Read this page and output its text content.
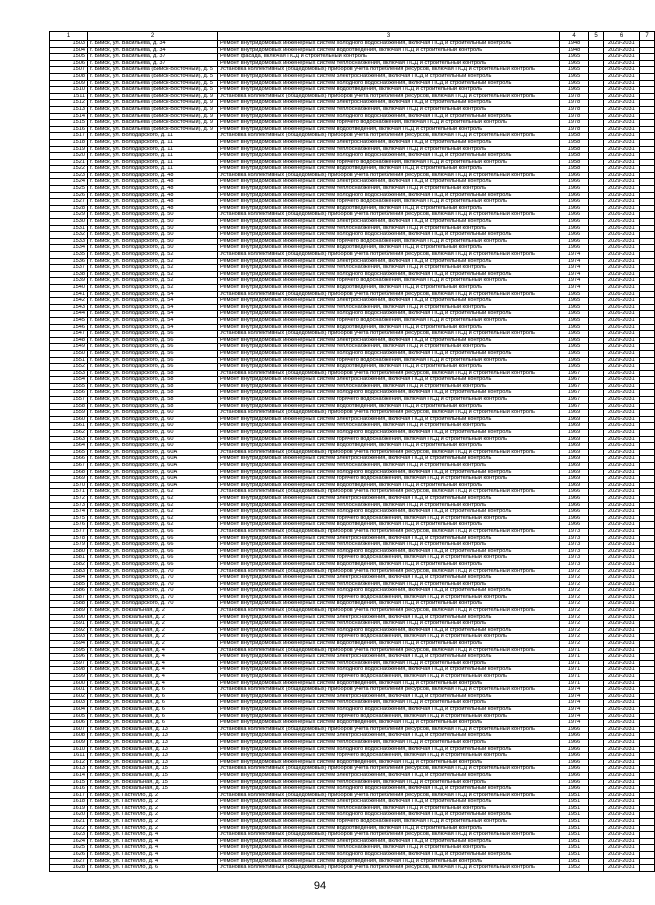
1	2	3	4	5	6	7
1503	г. Бийск, ул. Васильева, д. 34	Ремонт внутридомовых инженерных систем холодного водоснабжения, включая ПСД и строительный контроль	1948		2029-2031	
1504	г. Бийск, ул. Васильева, д. 34	Ремонт внутридомовых инженерных систем водоотведения, включая ПСД и строительный контроль	1948		2029-2031	
1505	г. Бийск, ул. Васильева, д. 37	Ремонт фасада, включая ПСД и строительный контроль	1965		2029-2031	
1506	г. Бийск, ул. Васильева, д. 37	Ремонт внутридомовых инженерных систем теплоснабжения, включая ПСД и строительный контроль	1965		2029-2031	
1507	г. Бийск, ул. Васильева (Бийск-Восточный), д. 5	Установка коллективных (общедомовых) приборов учета потребления ресурсов, включая ПСД и строительный контроль	1965		2026-2031	
1508	г. Бийск, ул. Васильева (Бийск-Восточный), д. 5	Ремонт внутридомовых инженерных систем электроснабжения, включая ПСД и строительный контроль	1965		2029-2031	
1509	г. Бийск, ул. Васильева (Бийск-Восточный), д. 5	Ремонт внутридомовых инженерных систем холодного водоснабжения, включая ПСД и строительный контроль	1965		2029-2031	
1510	г. Бийск, ул. Васильева (Бийск-Восточный), д. 5	Ремонт внутридомовых инженерных систем водоотведения, включая ПСД и строительный контроль	1965		2029-2031	
1511	г. Бийск, ул. Васильева (Бийск-Восточный), д. 9	Установка коллективных (общедомовых) приборов учета потребления ресурсов, включая ПСД и строительный контроль	1978		2029-2031	
1512	г. Бийск, ул. Васильева (Бийск-Восточный), д. 9	Ремонт внутридомовых инженерных систем электроснабжения, включая ПСД и строительный контроль	1978		2029-2031	
1513	г. Бийск, ул. Васильева (Бийск-Восточный), д. 9	Ремонт внутридомовых инженерных систем теплоснабжения, включая ПСД и строительный контроль	1978		2029-2031	
1514	г. Бийск, ул. Васильева (Бийск-Восточный), д. 9	Ремонт внутридомовых инженерных систем холодного водоснабжения, включая ПСД и строительный контроль	1978		2029-2031	
1515	г. Бийск, ул. Васильева (Бийск-Восточный), д. 9	Ремонт внутридомовых инженерных систем горячего водоснабжения, включая ПСД и строительный контроль	1978		2029-2031	
1516	г. Бийск, ул. Васильева (Бийск-Восточный), д. 9	Ремонт внутридомовых инженерных систем водоотведения, включая ПСД и строительный контроль	1978		2029-2031	
1517	г. Бийск, ул. Володарского, д. 11	Установка коллективных (общедомовых) приборов учета потребления ресурсов, включая ПСД и строительный контроль	1958		2029-2031	
1518	г. Бийск, ул. Володарского, д. 11	Ремонт внутридомовых инженерных систем электроснабжения, включая ПСД и строительный контроль	1958		2029-2031	
1519	г. Бийск, ул. Володарского, д. 11	Ремонт внутридомовых инженерных систем теплоснабжения, включая ПСД и строительный контроль	1958		2029-2031	
1520	г. Бийск, ул. Володарского, д. 11	Ремонт внутридомовых инженерных систем холодного водоснабжения, включая ПСД и строительный контроль	1958		2029-2031	
1521	г. Бийск, ул. Володарского, д. 11	Ремонт внутридомовых инженерных систем горячего водоснабжения, включая ПСД и строительный контроль	1958		2029-2031	
1522	г. Бийск, ул. Володарского, д. 11	Ремонт внутридомовых инженерных систем водоотведения, включая ПСД и строительный контроль	1958		2029-2031	
1523	г. Бийск, ул. Володарского, д. 48	Установка коллективных (общедомовых) приборов учета потребления ресурсов, включая ПСД и строительный контроль	1966		2029-2031	
1524	г. Бийск, ул. Володарского, д. 48	Ремонт внутридомовых инженерных систем электроснабжения, включая ПСД и строительный контроль	1966		2029-2031	
1525	г. Бийск, ул. Володарского, д. 48	Ремонт внутридомовых инженерных систем теплоснабжения, включая ПСД и строительный контроль	1966		2029-2031	
1526	г. Бийск, ул. Володарского, д. 48	Ремонт внутридомовых инженерных систем холодного водоснабжения, включая ПСД и строительный контроль	1966		2029-2031	
1527	г. Бийск, ул. Володарского, д. 48	Ремонт внутридомовых инженерных систем горячего водоснабжения, включая ПСД и строительный контроль	1966		2029-2031	
1528	г. Бийск, ул. Володарского, д. 48	Ремонт внутридомовых инженерных систем водоотведения, включая ПСД и строительный контроль	1966		2029-2031	
1529	г. Бийск, ул. Володарского, д. 50	Установка коллективных (общедомовых) приборов учета потребления ресурсов, включая ПСД и строительный контроль	1966		2026-2031	
1530	г. Бийск, ул. Володарского, д. 50	Ремонт внутридомовых инженерных систем электроснабжения, включая ПСД и строительный контроль	1966		2026-2031	
1531	г. Бийск, ул. Володарского, д. 50	Ремонт внутридомовых инженерных систем теплоснабжения, включая ПСД и строительный контроль	1966		2026-2031	
1532	г. Бийск, ул. Володарского, д. 50	Ремонт внутридомовых инженерных систем холодного водоснабжения, включая ПСД и строительный контроль	1966		2026-2031	
1533	г. Бийск, ул. Володарского, д. 50	Ремонт внутридомовых инженерных систем горячего водоснабжения, включая ПСД и строительный контроль	1966		2026-2031	
1534	г. Бийск, ул. Володарского, д. 50	Ремонт внутридомовых инженерных систем водоотведения, включая ПСД и строительный контроль	1966		2026-2031	
1535	г. Бийск, ул. Володарского, д. 52	Установка коллективных (общедомовых) приборов учета потребления ресурсов, включая ПСД и строительный контроль	1974		2029-2031	
1536	г. Бийск, ул. Володарского, д. 52	Ремонт внутридомовых инженерных систем электроснабжения, включая ПСД и строительный контроль	1974		2029-2031	
1537	г. Бийск, ул. Володарского, д. 52	Ремонт внутридомовых инженерных систем теплоснабжения, включая ПСД и строительный контроль	1974		2029-2031	
1538	г. Бийск, ул. Володарского, д. 52	Ремонт внутридомовых инженерных систем холодного водоснабжения, включая ПСД и строительный контроль	1974		2029-2031	
1539	г. Бийск, ул. Володарского, д. 52	Ремонт внутридомовых инженерных систем горячего водоснабжения, включая ПСД и строительный контроль	1974		2029-2031	
1540	г. Бийск, ул. Володарского, д. 52	Ремонт внутридомовых инженерных систем водоотведения, включая ПСД и строительный контроль	1974		2029-2031	
1541	г. Бийск, ул. Володарского, д. 54	Установка коллективных (общедомовых) приборов учета потребления ресурсов, включая ПСД и строительный контроль	1965		2026-2031	
1542	г. Бийск, ул. Володарского, д. 54	Ремонт внутридомовых инженерных систем электроснабжения, включая ПСД и строительный контроль	1965		2026-2031	
1543	г. Бийск, ул. Володарского, д. 54	Ремонт внутридомовых инженерных систем теплоснабжения, включая ПСД и строительный контроль	1965		2026-2031	
1544	г. Бийск, ул. Володарского, д. 54	Ремонт внутридомовых инженерных систем холодного водоснабжения, включая ПСД и строительный контроль	1965		2026-2031	
1545	г. Бийск, ул. Володарского, д. 54	Ремонт внутридомовых инженерных систем горячего водоснабжения, включая ПСД и строительный контроль	1965		2026-2031	
1546	г. Бийск, ул. Володарского, д. 54	Ремонт внутридомовых инженерных систем водоотведения, включая ПСД и строительный контроль	1965		2026-2031	
1547	г. Бийск, ул. Володарского, д. 56	Установка коллективных (общедомовых) приборов учета потребления ресурсов, включая ПСД и строительный контроль	1965		2029-2031	
1548	г. Бийск, ул. Володарского, д. 56	Ремонт внутридомовых инженерных систем электроснабжения, включая ПСД и строительный контроль	1965		2029-2031	
1549	г. Бийск, ул. Володарского, д. 56	Ремонт внутридомовых инженерных систем теплоснабжения, включая ПСД и строительный контроль	1965		2029-2031	
1550	г. Бийск, ул. Володарского, д. 56	Ремонт внутридомовых инженерных систем холодного водоснабжения, включая ПСД и строительный контроль	1965		2029-2031	
1551	г. Бийск, ул. Володарского, д. 56	Ремонт внутридомовых инженерных систем горячего водоснабжения, включая ПСД и строительный контроль	1965		2029-2031	
1552	г. Бийск, ул. Володарского, д. 56	Ремонт внутридомовых инженерных систем водоотведения, включая ПСД и строительный контроль	1965		2029-2031	
1553	г. Бийск, ул. Володарского, д. 58	Установка коллективных (общедомовых) приборов учета потребления ресурсов, включая ПСД и строительный контроль	1967		2026-2031	
1554	г. Бийск, ул. Володарского, д. 58	Ремонт внутридомовых инженерных систем электроснабжения, включая ПСД и строительный контроль	1967		2026-2031	
1555	г. Бийск, ул. Володарского, д. 58	Ремонт внутридомовых инженерных систем теплоснабжения, включая ПСД и строительный контроль	1967		2026-2031	
1556	г. Бийск, ул. Володарского, д. 58	Ремонт внутридомовых инженерных систем холодного водоснабжения, включая ПСД и строительный контроль	1967		2026-2031	
1557	г. Бийск, ул. Володарского, д. 58	Ремонт внутридомовых инженерных систем горячего водоснабжения, включая ПСД и строительный контроль	1967		2026-2031	
1558	г. Бийск, ул. Володарского, д. 58	Ремонт внутридомовых инженерных систем водоотведения, включая ПСД и строительный контроль	1967		2026-2031	
1559	г. Бийск, ул. Володарского, д. 60	Установка коллективных (общедомовых) приборов учета потребления ресурсов, включая ПСД и строительный контроль	1969		2026-2031	
1560	г. Бийск, ул. Володарского, д. 60	Ремонт внутридомовых инженерных систем электроснабжения, включая ПСД и строительный контроль	1969		2026-2031	
1561	г. Бийск, ул. Володарского, д. 60	Ремонт внутридомовых инженерных систем теплоснабжения, включая ПСД и строительный контроль	1969		2026-2031	
1562	г. Бийск, ул. Володарского, д. 60	Ремонт внутридомовых инженерных систем холодного водоснабжения, включая ПСД и строительный контроль	1969		2026-2031	
1563	г. Бийск, ул. Володарского, д. 60	Ремонт внутридомовых инженерных систем горячего водоснабжения, включая ПСД и строительный контроль	1969		2026-2031	
1564	г. Бийск, ул. Володарского, д. 60	Ремонт внутридомовых инженерных систем водоотведения, включая ПСД и строительный контроль	1969		2026-2031	
1565	г. Бийск, ул. Володарского, д. 60А	Установка коллективных (общедомовых) приборов учета потребления ресурсов, включая ПСД и строительный контроль	1969		2029-2031	
1566	г. Бийск, ул. Володарского, д. 60А	Ремонт внутридомовых инженерных систем электроснабжения, включая ПСД и строительный контроль	1969		2029-2031	
1567	г. Бийск, ул. Володарского, д. 60А	Ремонт внутридомовых инженерных систем теплоснабжения, включая ПСД и строительный контроль	1969		2029-2031	
1568	г. Бийск, ул. Володарского, д. 60А	Ремонт внутридомовых инженерных систем холодного водоснабжения, включая ПСД и строительный контроль	1969		2029-2031	
1569	г. Бийск, ул. Володарского, д. 60А	Ремонт внутридомовых инженерных систем горячего водоснабжения, включая ПСД и строительный контроль	1969		2029-2031	
1570	г. Бийск, ул. Володарского, д. 60А	Ремонт внутридомовых инженерных систем водоотведения, включая ПСД и строительный контроль	1969		2029-2031	
1571	г. Бийск, ул. Володарского, д. 62	Установка коллективных (общедомовых) приборов учета потребления ресурсов, включая ПСД и строительный контроль	1966		2029-2031	
1572	г. Бийск, ул. Володарского, д. 62	Ремонт внутридомовых инженерных систем электроснабжения, включая ПСД и строительный контроль	1966		2029-2031	
1573	г. Бийск, ул. Володарского, д. 62	Ремонт внутридомовых инженерных систем теплоснабжения, включая ПСД и строительный контроль	1966		2029-2031	
1574	г. Бийск, ул. Володарского, д. 62	Ремонт внутридомовых инженерных систем холодного водоснабжения, включая ПСД и строительный контроль	1966		2029-2031	
1575	г. Бийск, ул. Володарского, д. 62	Ремонт внутридомовых инженерных систем горячего водоснабжения, включая ПСД и строительный контроль	1966		2029-2031	
1576	г. Бийск, ул. Володарского, д. 62	Ремонт внутридомовых инженерных систем водоотведения, включая ПСД и строительный контроль	1966		2029-2031	
1577	г. Бийск, ул. Володарского, д. 66	Установка коллективных (общедомовых) приборов учета потребления ресурсов, включая ПСД и строительный контроль	1973		2029-2031	
1578	г. Бийск, ул. Володарского, д. 66	Ремонт внутридомовых инженерных систем электроснабжения, включая ПСД и строительный контроль	1973		2029-2031	
1579	г. Бийск, ул. Володарского, д. 66	Ремонт внутридомовых инженерных систем теплоснабжения, включая ПСД и строительный контроль	1973		2029-2031	
1580	г. Бийск, ул. Володарского, д. 66	Ремонт внутридомовых инженерных систем холодного водоснабжения, включая ПСД и строительный контроль	1973		2029-2031	
1581	г. Бийск, ул. Володарского, д. 66	Ремонт внутридомовых инженерных систем горячего водоснабжения, включая ПСД и строительный контроль	1973		2029-2031	
1582	г. Бийск, ул. Володарского, д. 66	Ремонт внутридомовых инженерных систем водоотведения, включая ПСД и строительный контроль	1973		2029-2031	
1583	г. Бийск, ул. Володарского, д. 70	Установка коллективных (общедомовых) приборов учета потребления ресурсов, включая ПСД и строительный контроль	1972		2029-2031	
1584	г. Бийск, ул. Володарского, д. 70	Ремонт внутридомовых инженерных систем электроснабжения, включая ПСД и строительный контроль	1972		2029-2031	
1585	г. Бийск, ул. Володарского, д. 70	Ремонт внутридомовых инженерных систем теплоснабжения, включая ПСД и строительный контроль	1972		2029-2031	
1586	г. Бийск, ул. Володарского, д. 70	Ремонт внутридомовых инженерных систем холодного водоснабжения, включая ПСД и строительный контроль	1972		2029-2031	
1587	г. Бийск, ул. Володарского, д. 70	Ремонт внутридомовых инженерных систем горячего водоснабжения, включая ПСД и строительный контроль	1972		2029-2031	
1588	г. Бийск, ул. Володарского, д. 70	Ремонт внутридомовых инженерных систем водоотведения, включая ПСД и строительный контроль	1972		2029-2031	
1589	г. Бийск, ул. Вокзальная, д. 2	Установка коллективных (общедомовых) приборов учета потребления ресурсов, включая ПСД и строительный контроль	1972		2029-2031	
1590	г. Бийск, ул. Вокзальная, д. 2	Ремонт внутридомовых инженерных систем электроснабжения, включая ПСД и строительный контроль	1972		2029-2031	
1591	г. Бийск, ул. Вокзальная, д. 2	Ремонт внутридомовых инженерных систем теплоснабжения, включая ПСД и строительный контроль	1972		2029-2031	
1592	г. Бийск, ул. Вокзальная, д. 2	Ремонт внутридомовых инженерных систем холодного водоснабжения, включая ПСД и строительный контроль	1972		2029-2031	
1593	г. Бийск, ул. Вокзальная, д. 2	Ремонт внутридомовых инженерных систем горячего водоснабжения, включая ПСД и строительный контроль	1972		2029-2031	
1594	г. Бийск, ул. Вокзальная, д. 2	Ремонт внутридомовых инженерных систем водоотведения, включая ПСД и строительный контроль	1972		2029-2031	
1595	г. Бийск, ул. Вокзальная, д. 4	Установка коллективных (общедомовых) приборов учета потребления ресурсов, включая ПСД и строительный контроль	1971		2029-2031	
1596	г. Бийск, ул. Вокзальная, д. 4	Ремонт внутридомовых инженерных систем электроснабжения, включая ПСД и строительный контроль	1971		2029-2031	
1597	г. Бийск, ул. Вокзальная, д. 4	Ремонт внутридомовых инженерных систем теплоснабжения, включая ПСД и строительный контроль	1971		2029-2031	
1598	г. Бийск, ул. Вокзальная, д. 4	Ремонт внутридомовых инженерных систем холодного водоснабжения, включая ПСД и строительный контроль	1971		2029-2031	
1599	г. Бийск, ул. Вокзальная, д. 4	Ремонт внутридомовых инженерных систем горячего водоснабжения, включая ПСД и строительный контроль	1971		2029-2031	
1600	г. Бийск, ул. Вокзальная, д. 4	Ремонт внутридомовых инженерных систем водоотведения, включая ПСД и строительный контроль	1971		2029-2031	
1601	г. Бийск, ул. Вокзальная, д. 6	Установка коллективных (общедомовых) приборов учета потребления ресурсов, включая ПСД и строительный контроль	1974		2026-2031	
1602	г. Бийск, ул. Вокзальная, д. 6	Ремонт внутридомовых инженерных систем электроснабжения, включая ПСД и строительный контроль	1974		2026-2031	
1603	г. Бийск, ул. Вокзальная, д. 6	Ремонт внутридомовых инженерных систем теплоснабжения, включая ПСД и строительный контроль	1974		2026-2031	
1604	г. Бийск, ул. Вокзальная, д. 6	Ремонт внутридомовых инженерных систем холодного водоснабжения, включая ПСД и строительный контроль	1974		2026-2031	
1605	г. Бийск, ул. Вокзальная, д. 6	Ремонт внутридомовых инженерных систем горячего водоснабжения, включая ПСД и строительный контроль	1974		2026-2031	
1606	г. Бийск, ул. Вокзальная, д. 6	Ремонт внутридомовых инженерных систем водоотведения, включая ПСД и строительный контроль	1974		2026-2031	
1607	г. Бийск, ул. Вокзальная, д. 13	Установка коллективных (общедомовых) приборов учета потребления ресурсов, включая ПСД и строительный контроль	1966		2029-2031	
1608	г. Бийск, ул. Вокзальная, д. 13	Ремонт внутридомовых инженерных систем электроснабжения, включая ПСД и строительный контроль	1966		2029-2031	
1609	г. Бийск, ул. Вокзальная, д. 13	Ремонт внутридомовых инженерных систем теплоснабжения, включая ПСД и строительный контроль	1966		2029-2031	
1610	г. Бийск, ул. Вокзальная, д. 13	Ремонт внутридомовых инженерных систем холодного водоснабжения, включая ПСД и строительный контроль	1966		2029-2031	
1611	г. Бийск, ул. Вокзальная, д. 13	Ремонт внутридомовых инженерных систем горячего водоснабжения, включая ПСД и строительный контроль	1966		2029-2031	
1612	г. Бийск, ул. Вокзальная, д. 13	Ремонт внутридомовых инженерных систем водоотведения, включая ПСД и строительный контроль	1966		2029-2031	
1613	г. Бийск, ул. Вокзальная, д. 15	Установка коллективных (общедомовых) приборов учета потребления ресурсов, включая ПСД и строительный контроль	1966		2029-2031	
1614	г. Бийск, ул. Вокзальная, д. 15	Ремонт внутридомовых инженерных систем электроснабжения, включая ПСД и строительный контроль	1966		2029-2031	
1615	г. Бийск, ул. Вокзальная, д. 15	Ремонт внутридомовых инженерных систем теплоснабжения, включая ПСД и строительный контроль	1966		2029-2031	
1616	г. Бийск, ул. Вокзальная, д. 15	Ремонт внутридомовых инженерных систем холодного водоснабжения, включая ПСД и строительный контроль	1966		2029-2031	
1617	г. Бийск, ул. Гастелло, д. 2	Установка коллективных (общедомовых) приборов учета потребления ресурсов, включая ПСД и строительный контроль	1951		2029-2031	
1618	г. Бийск, ул. Гастелло, д. 2	Ремонт внутридомовых инженерных систем электроснабжения, включая ПСД и строительный контроль	1951		2029-2031	
1619	г. Бийск, ул. Гастелло, д. 2	Ремонт внутридомовых инженерных систем теплоснабжения, включая ПСД и строительный контроль	1951		2029-2031	
1620	г. Бийск, ул. Гастелло, д. 2	Ремонт внутридомовых инженерных систем холодного водоснабжения, включая ПСД и строительный контроль	1951		2029-2031	
1621	г. Бийск, ул. Гастелло, д. 2	Ремонт внутридомовых инженерных систем горячего водоснабжения, включая ПСД и строительный контроль	1951		2029-2031	
1622	г. Бийск, ул. Гастелло, д. 2	Ремонт внутридомовых инженерных систем водоотведения, включая ПСД и строительный контроль	1951		2029-2031	
1623	г. Бийск, ул. Гастелло, д. 4	Установка коллективных (общедомовых) приборов учета потребления ресурсов, включая ПСД и строительный контроль	1951		2029-2031	
1624	г. Бийск, ул. Гастелло, д. 4	Ремонт внутридомовых инженерных систем электроснабжения, включая ПСД и строительный контроль	1951		2029-2031	
1625	г. Бийск, ул. Гастелло, д. 4	Ремонт внутридомовых инженерных систем теплоснабжения, включая ПСД и строительный контроль	1951		2029-2031	
1626	г. Бийск, ул. Гастелло, д. 4	Ремонт внутридомовых инженерных систем холодного водоснабжения, включая ПСД и строительный контроль	1951		2029-2031	
1627	г. Бийск, ул. Гастелло, д. 4	Ремонт внутридомовых инженерных систем водоотведения, включая ПСД и строительный контроль	1951		2029-2031	
1628	г. Бийск, ул. Гастелло, д. 6	Установка коллективных (общедомовых) приборов учета потребления ресурсов, включая ПСД и строительный контроль	1952		2029-2031	
94
